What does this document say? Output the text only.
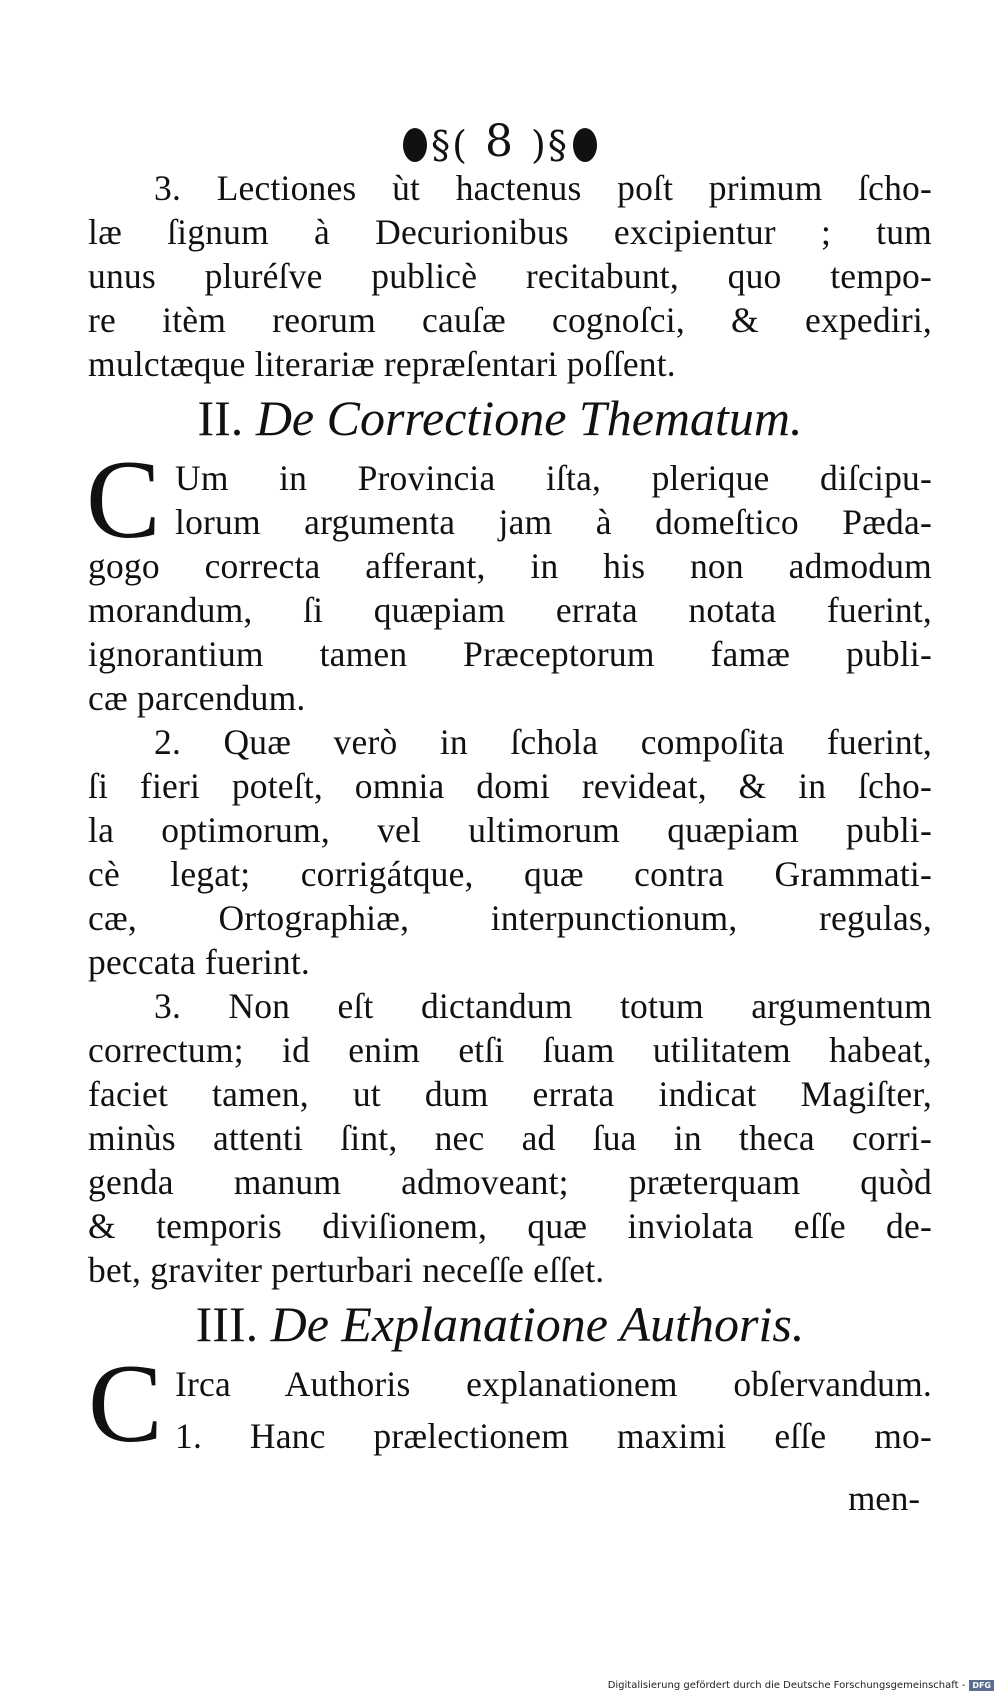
§( 8 )§
3. Lectiones ùt hactenus poſt primum ſcho-
læ ſignum à Decurionibus excipientur ; tum
unus pluréſve publicè recitabunt, quo tempo-
re itèm reorum cauſæ cognoſci, & expediri,
mulctæque literariæ repræſentari poſſent.
II. De Correctione Thematum.
C Um in Provincia iſta, plerique diſcipu-
lorum argumenta jam à domeſtico Pæda-
gogo correcta afferant, in his non admodum
morandum, ſi quæpiam errata notata fuerint,
ignorantium tamen Præceptorum famæ publi-
cæ parcendum.
2. Quæ verò in ſchola compoſita fuerint,
ſi fieri poteſt, omnia domi revideat, & in ſcho-
la optimorum, vel ultimorum quæpiam publi-
cè legat; corrigátque, quæ contra Grammati-
cæ, Ortographiæ, interpunctionum, regulas,
peccata fuerint.
3. Non eſt dictandum totum argumentum
correctum; id enim etſi ſuam utilitatem habeat,
faciet tamen, ut dum errata indicat Magiſter,
minùs attenti ſint, nec ad ſua in theca corri-
genda manum admoveant; præterquam quòd
& temporis diviſionem, quæ inviolata eſſe de-
bet, graviter perturbari neceſſe eſſet.
III. De Explanatione Authoris.
C Irca Authoris explanationem obſervandum.
1. Hanc prælectionem maximi eſſe mo-
men-
Digitalisierung gefördert durch die Deutsche Forschungsgemeinschaft - DFG
